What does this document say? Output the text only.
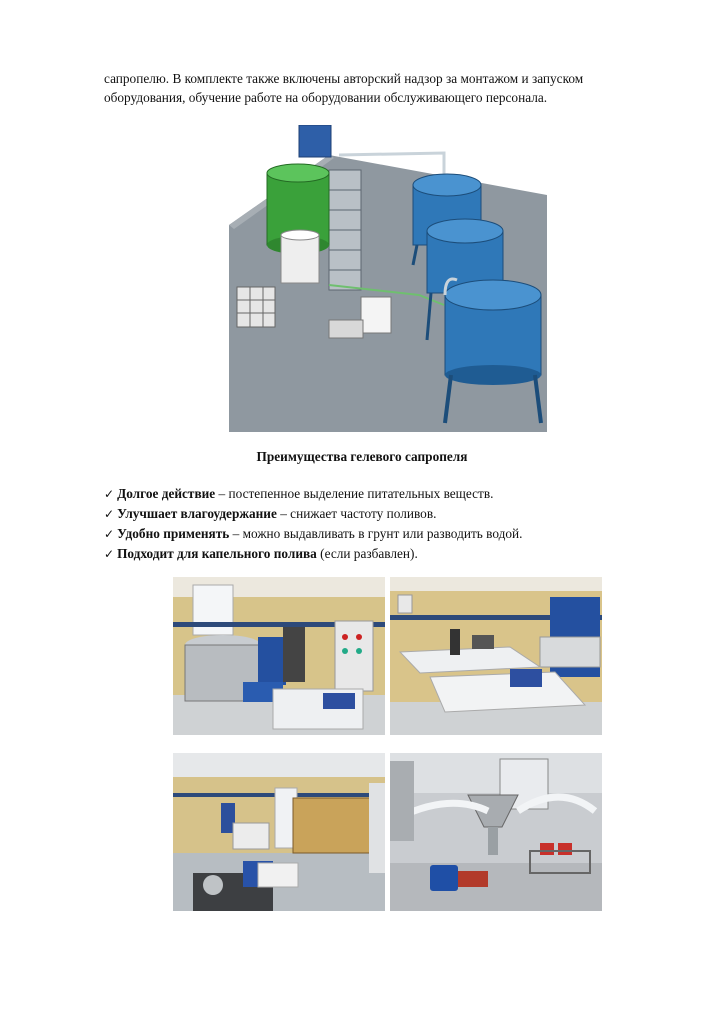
сапропелю. В комплекте также включены авторский надзор за монтажом и запуском
оборудования, обучение работе на оборудовании обслуживающего персонала.

Преимущества гелевого сапропеля
✓ Долгое действие – постепенное выделение питательных веществ.
✓ Улучшает влагоудержание – снижает частоту поливов.
✓ Удобно применять – можно выдавливать в грунт или разводить водой.
✓ Подходит для капельного полива (если разбавлен).
